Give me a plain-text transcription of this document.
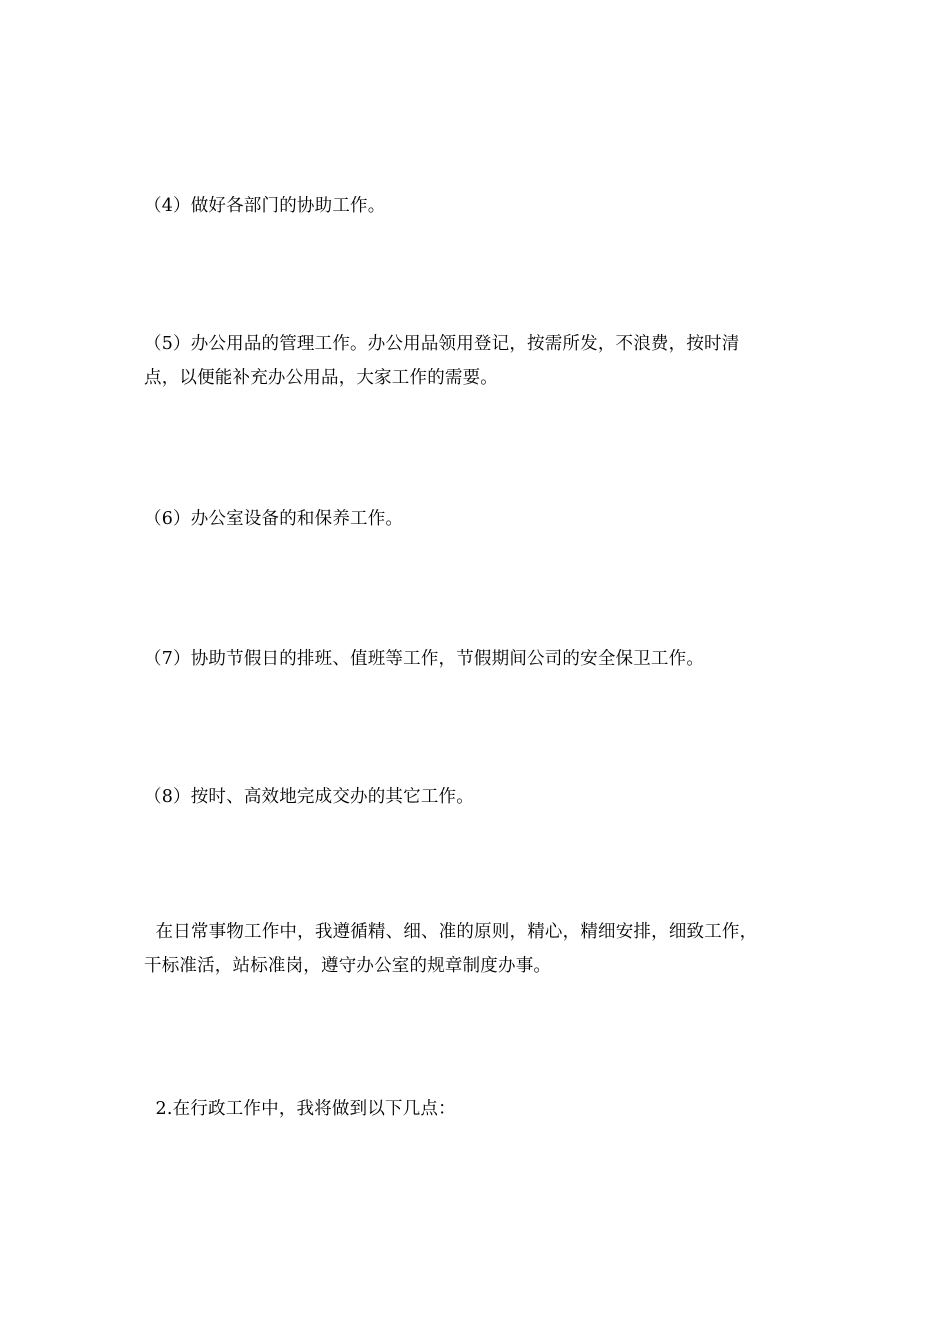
（4）做好各部门的协助工作。

（5）办公用品的管理工作。办公用品领用登记，按需所发，不浪费，按时清
点，以便能补充办公用品，大家工作的需要。

（6）办公室设备的和保养工作。

（7）协助节假日的排班、值班等工作，节假期间公司的安全保卫工作。

（8）按时、高效地完成交办的其它工作。

在日常事物工作中，我遵循精、细、准的原则，精心，精细安排，细致工作，
干标准活，站标准岗，遵守办公室的规章制度办事。

2.在行政工作中，我将做到以下几点：
